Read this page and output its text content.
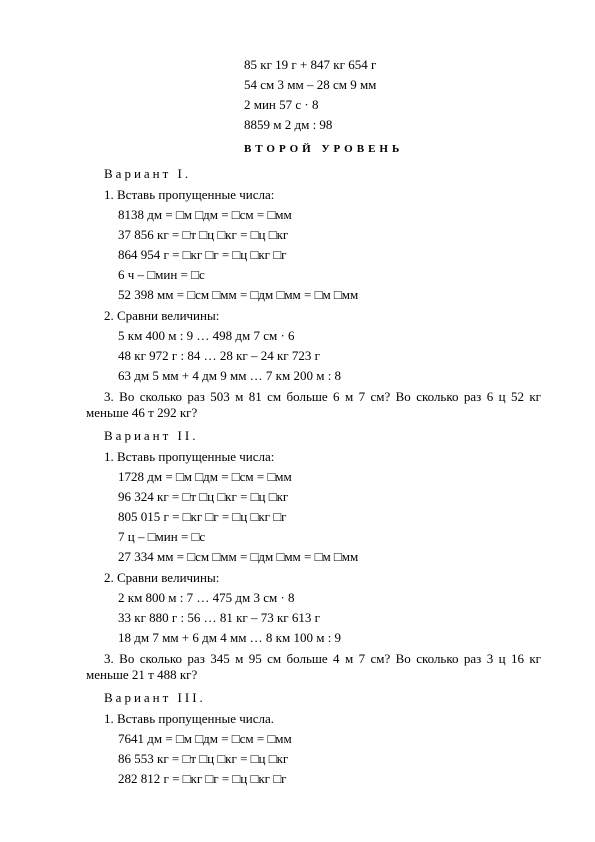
85 кг 19 г + 847 кг 654 г
54 см 3 мм – 28 см 9 мм
2 мин 57 с · 8
8859 м 2 дм : 98
ВТОРОЙ УРОВЕНЬ
Вариант I.
1. Вставь пропущенные числа:
8138 дм = □м □дм = □см = □мм
37 856 кг = □т □ц □кг = □ц □кг
864 954 г = □кг □г = □ц □кг □г
6 ч – □мин = □с
52 398 мм = □см □мм = □дм □мм = □м □мм
2. Сравни величины:
5 км 400 м : 9 … 498 дм 7 см · 6
48 кг 972 г : 84 … 28 кг – 24 кг 723 г
63 дм 5 мм + 4 дм 9 мм … 7 км 200 м : 8
3. Во сколько раз 503 м 81 см больше 6 м 7 см? Во сколько раз 6 ц 52 кг меньше 46 т 292 кг?
Вариант II.
1. Вставь пропущенные числа:
1728 дм = □м □дм = □см = □мм
96 324 кг = □т □ц □кг = □ц □кг
805 015 г = □кг □г = □ц □кг □г
7 ц – □мин = □с
27 334 мм = □см □мм = □дм □мм = □м □мм
2. Сравни величины:
2 км 800 м : 7 … 475 дм 3 см · 8
33 кг 880 г : 56 … 81 кг – 73 кг 613 г
18 дм 7 мм + 6 дм 4 мм … 8 км 100 м : 9
3. Во сколько раз 345 м 95 см больше 4 м 7 см? Во сколько раз 3 ц 16 кг меньше 21 т 488 кг?
Вариант III.
1. Вставь пропущенные числа.
7641 дм = □м □дм = □см = □мм
86 553 кг = □т □ц □кг = □ц □кг
282 812 г = □кг □г = □ц □кг □г
